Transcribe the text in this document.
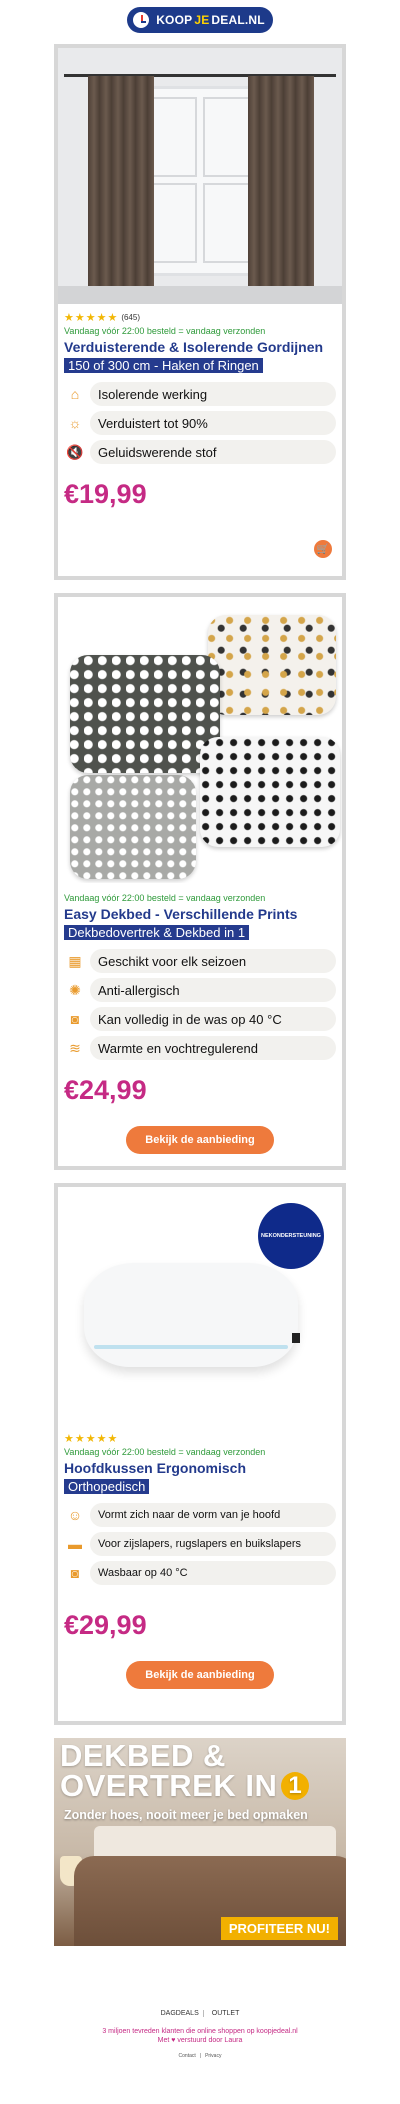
KOOP JE DEAL.NL
★★★★★ (645)
Vandaag vóór 22:00 besteld = vandaag verzonden
Verduisterende & Isolerende Gordijnen
150 of 300 cm - Haken of Ringen
⌂	Isolerende werking
☼	Verduistert tot 90%
🔇	Geluidswerende stof
€19,99
🛒
Vandaag vóór 22:00 besteld = vandaag verzonden
Easy Dekbed - Verschillende Prints
Dekbedovertrek & Dekbed in 1
▦	Geschikt voor elk seizoen
✺	Anti-allergisch
◙	Kan volledig in de was op 40 °C
≋	Warmte en vochtregulerend
€24,99
Bekijk de aanbieding
NEKONDERSTEUNING
★★★★★
Vandaag vóór 22:00 besteld = vandaag verzonden
Hoofdkussen Ergonomisch
Orthopedisch
☺	Vormt zich naar de vorm van je hoofd
▬	Voor zijslapers, rugslapers en buikslapers
◙	Wasbaar op 40 °C
€29,99
Bekijk de aanbieding
DEKBED &
OVERTREK IN 1
Zonder hoes, nooit meer je bed opmaken
PROFITEER NU!
DAGDEALS	OUTLET
3 miljoen tevreden klanten die online shoppen op koopjedeal.nl
Met ♥ verstuurd door Laura
Contact | Privacy
